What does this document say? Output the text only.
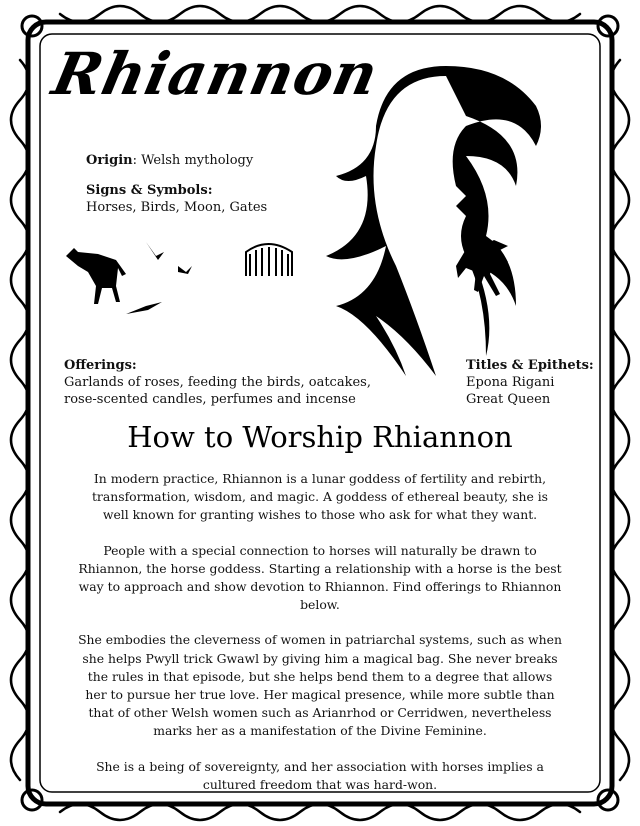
Rhiannon
Origin: Welsh mythology
Signs & Symbols:
Horses, Birds, Moon, Gates
Offerings:
Garlands of roses, feeding the birds, oatcakes,
rose-scented candles, perfumes and incense
Titles & Epithets:
Epona Rigani
Great Queen
How to Worship Rhiannon

In modern practice, Rhiannon is a lunar goddess of fertility and rebirth, transformation, wisdom, and magic. A goddess of ethereal beauty, she is well known for granting wishes to those who ask for what they want.

People with a special connection to horses will naturally be drawn to Rhiannon, the horse goddess. Starting a relationship with a horse is the best way to approach and show devotion to Rhiannon. Find offerings to Rhiannon below.

She embodies the cleverness of women in patriarchal systems, such as when she helps Pwyll trick Gwawl by giving him a magical bag. She never breaks the rules in that episode, but she helps bend them to a degree that allows her to pursue her true love. Her magical presence, while more subtle than that of other Welsh women such as Arianrhod or Cerridwen, nevertheless marks her as a manifestation of the Divine Feminine.

She is a being of sovereignty, and her association with horses implies a cultured freedom that was hard-won.
